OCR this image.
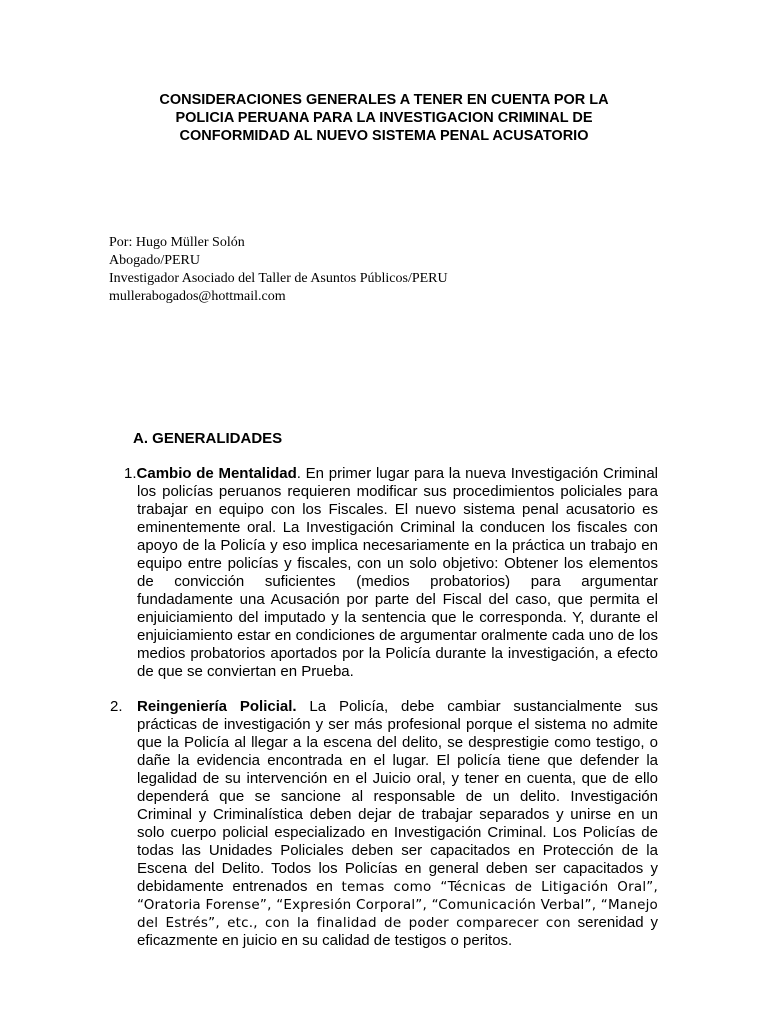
CONSIDERACIONES GENERALES A TENER EN CUENTA POR LA
POLICIA PERUANA PARA LA INVESTIGACION CRIMINAL DE
CONFORMIDAD AL NUEVO SISTEMA PENAL ACUSATORIO
Por: Hugo Müller Solón
Abogado/PERU
Investigador Asociado del Taller de Asuntos Públicos/PERU
mullerabogados@hottmail.com
A. GENERALIDADES
1.Cambio de Mentalidad. En primer lugar para la nueva Investigación Criminal los policías peruanos requieren modificar sus procedimientos policiales para trabajar en equipo con los Fiscales. El nuevo sistema penal acusatorio es eminentemente oral. La Investigación Criminal la conducen los fiscales con apoyo de la Policía y eso implica necesariamente en la práctica un trabajo en equipo entre policías y fiscales, con un solo objetivo: Obtener los elementos de convicción suficientes (medios probatorios) para argumentar fundadamente una Acusación por parte del Fiscal del caso, que permita el enjuiciamiento del imputado y la sentencia que le corresponda. Y, durante el enjuiciamiento estar en condiciones de argumentar oralmente cada uno de los medios probatorios aportados por la Policía durante la investigación, a efecto de que se conviertan en Prueba.
2. Reingeniería Policial. La Policía, debe cambiar sustancialmente sus prácticas de investigación y ser más profesional porque el sistema no admite que la Policía al llegar a la escena del delito, se desprestigie como testigo, o dañe la evidencia encontrada en el lugar. El policía tiene que defender la legalidad de su intervención en el Juicio oral, y tener en cuenta, que de ello dependerá que se sancione al responsable de un delito. Investigación Criminal y Criminalística deben dejar de trabajar separados y unirse en un solo cuerpo policial especializado en Investigación Criminal. Los Policías de todas las Unidades Policiales deben ser capacitados en Protección de la Escena del Delito. Todos los Policías en general deben ser capacitados y debidamente entrenados en temas como “Técnicas de Litigación Oral”, “Oratoria Forense”, “Expresión Corporal”, “Comunicación Verbal”, “Manejo del Estrés”, etc., con la finalidad de poder comparecer con serenidad y eficazmente en juicio en su calidad de testigos o peritos.
